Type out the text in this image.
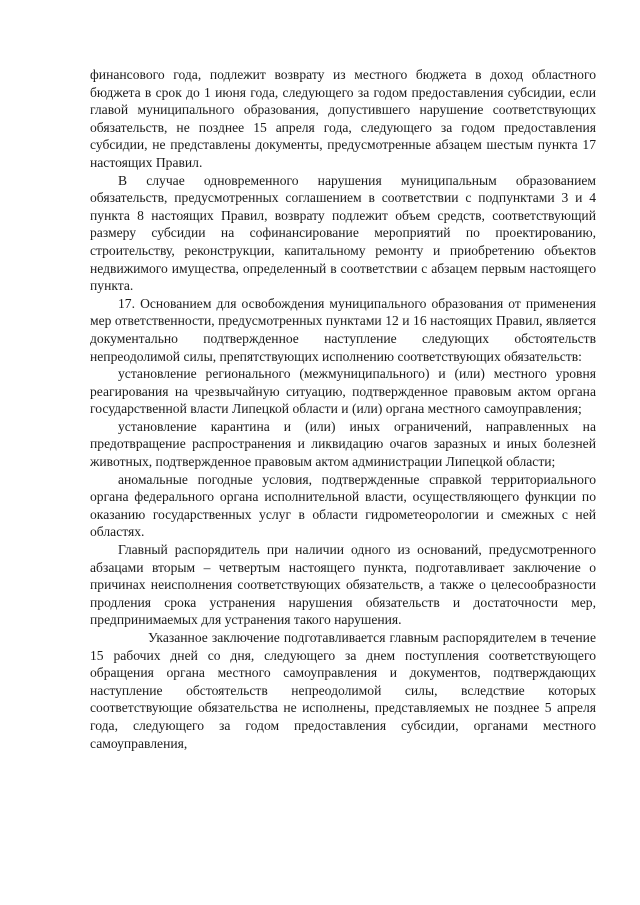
финансового года, подлежит возврату из местного бюджета в доход областного бюджета в срок до 1 июня года, следующего за годом предоставления субсидии, если главой муниципального образования, допустившего нарушение соответствующих обязательств, не позднее 15 апреля года, следующего за годом предоставления субсидии, не представлены документы, предусмотренные абзацем шестым пункта 17 настоящих Правил.

В случае одновременного нарушения муниципальным образованием обязательств, предусмотренных соглашением в соответствии с подпунктами 3 и 4 пункта 8 настоящих Правил, возврату подлежит объем средств, соответствующий размеру субсидии на софинансирование мероприятий по проектированию, строительству, реконструкции, капитальному ремонту и приобретению объектов недвижимого имущества, определенный в соответствии с абзацем первым настоящего пункта.

17. Основанием для освобождения муниципального образования от применения мер ответственности, предусмотренных пунктами 12 и 16 настоящих Правил, является документально подтвержденное наступление следующих обстоятельств непреодолимой силы, препятствующих исполнению соответствующих обязательств:

установление регионального (межмуниципального) и (или) местного уровня реагирования на чрезвычайную ситуацию, подтвержденное правовым актом органа государственной власти Липецкой области и (или) органа местного самоуправления;

установление карантина и (или) иных ограничений, направленных на предотвращение распространения и ликвидацию очагов заразных и иных болезней животных, подтвержденное правовым актом администрации Липецкой области;

аномальные погодные условия, подтвержденные справкой территориального органа федерального органа исполнительной власти, осуществляющего функции по оказанию государственных услуг в области гидрометеорологии и смежных с ней областях.

Главный распорядитель при наличии одного из оснований, предусмотренного абзацами вторым – четвертым настоящего пункта, подготавливает заключение о причинах неисполнения соответствующих обязательств, а также о целесообразности продления срока устранения нарушения обязательств и достаточности мер, предпринимаемых для устранения такого нарушения.

Указанное заключение подготавливается главным распорядителем в течение 15 рабочих дней со дня, следующего за днем поступления соответствующего обращения органа местного самоуправления и документов, подтверждающих наступление обстоятельств непреодолимой силы, вследствие которых соответствующие обязательства не исполнены, представляемых не позднее 5 апреля года, следующего за годом предоставления субсидии, органами местного самоуправления,
